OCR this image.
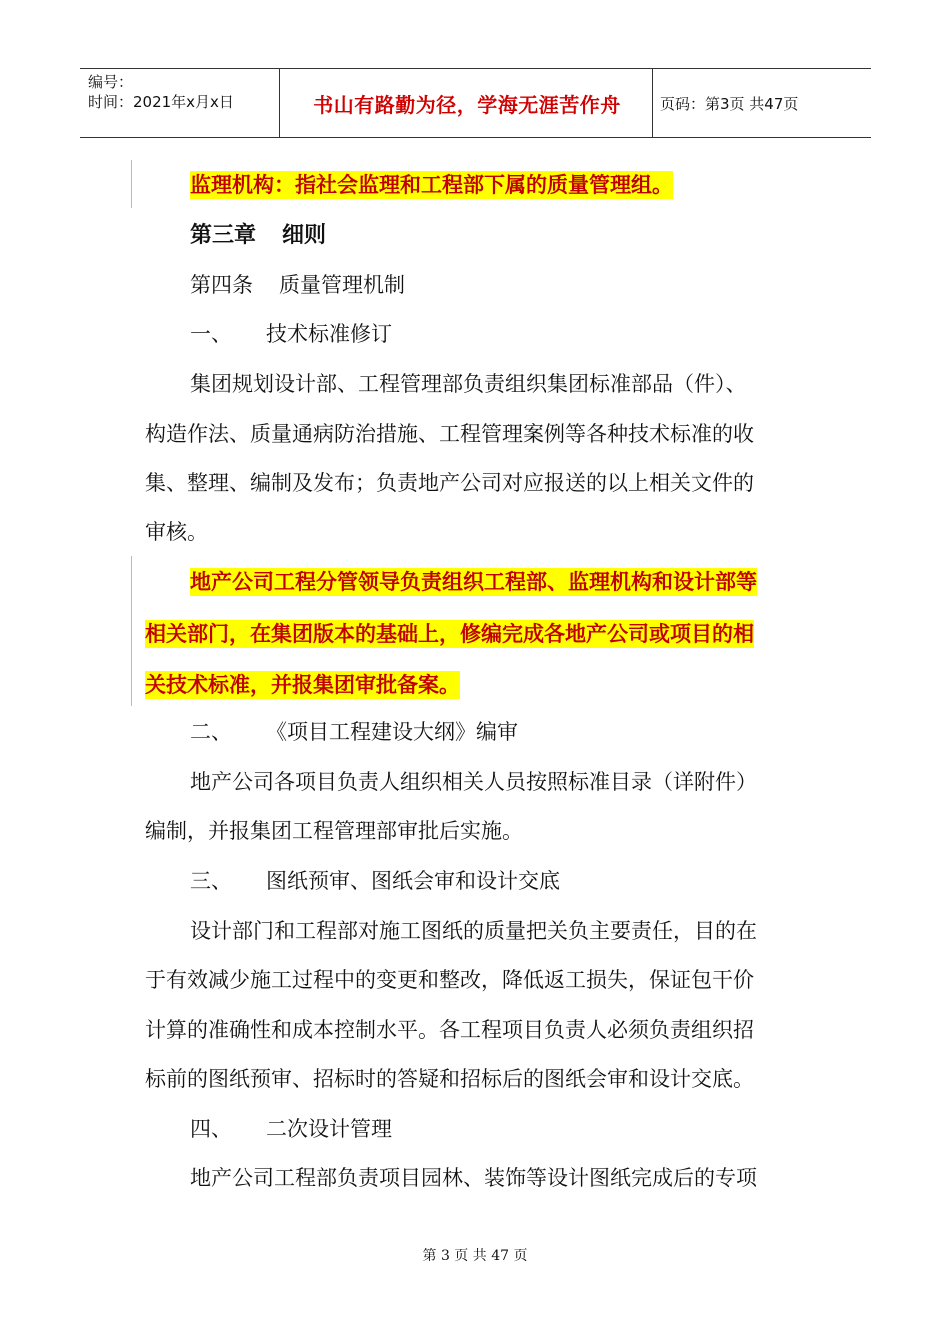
编号：
时间：2021年x月x日	书山有路勤为径，学海无涯苦作舟	页码：第3页 共47页
监理机构：指社会监理和工程部下属的质量管理组。
第三章 细则
第四条 质量管理机制
一、 技术标准修订
集团规划设计部、工程管理部负责组织集团标准部品（件）、
构造作法、质量通病防治措施、工程管理案例等各种技术标准的收
集、整理、编制及发布；负责地产公司对应报送的以上相关文件的
审核。
地产公司工程分管领导负责组织工程部、监理机构和设计部等
相关部门，在集团版本的基础上，修编完成各地产公司或项目的相
关技术标准，并报集团审批备案。
二、 《项目工程建设大纲》编审
地产公司各项目负责人组织相关人员按照标准目录（详附件）
编制，并报集团工程管理部审批后实施。
三、 图纸预审、图纸会审和设计交底
设计部门和工程部对施工图纸的质量把关负主要责任，目的在
于有效减少施工过程中的变更和整改，降低返工损失，保证包干价
计算的准确性和成本控制水平。各工程项目负责人必须负责组织招
标前的图纸预审、招标时的答疑和招标后的图纸会审和设计交底。
四、 二次设计管理
地产公司工程部负责项目园林、装饰等设计图纸完成后的专项
第 3 页 共 47 页
